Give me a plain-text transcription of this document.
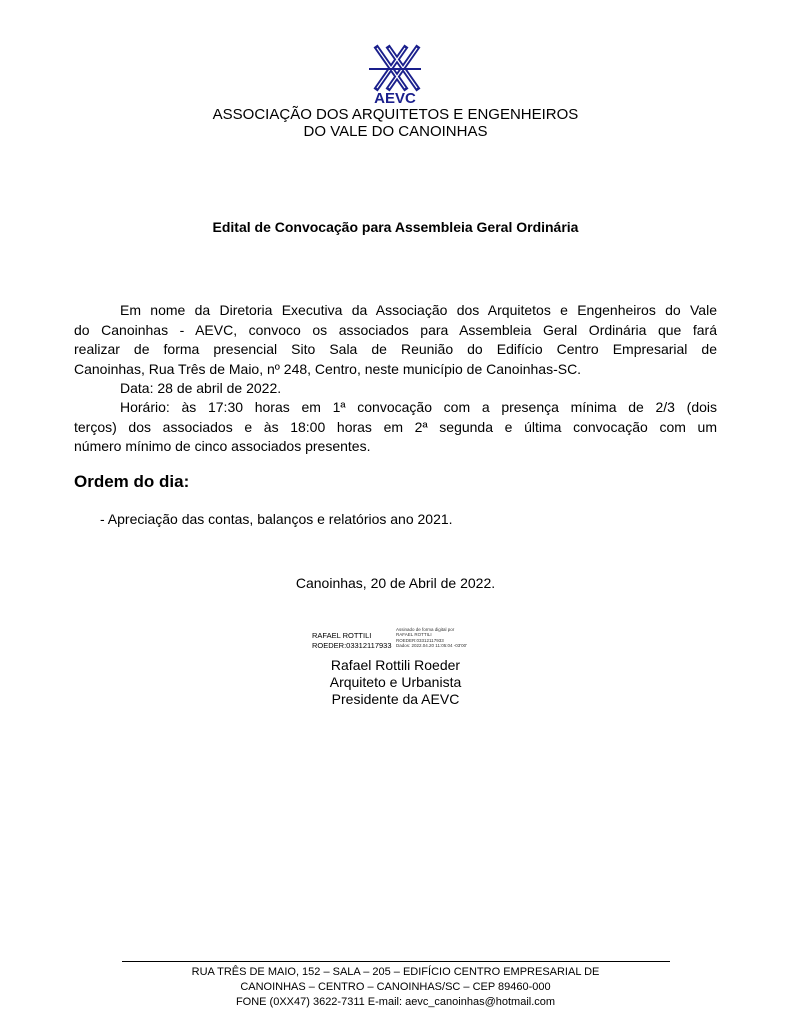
AEVC
ASSOCIAÇÃO DOS ARQUITETOS E ENGENHEIROS
DO VALE DO CANOINHAS
Edital de Convocação para Assembleia Geral Ordinária
Em nome da Diretoria Executiva da Associação dos Arquitetos e Engenheiros do Vale
do Canoinhas - AEVC, convoco os associados para Assembleia Geral Ordinária que fará
realizar de forma presencial Sito Sala de Reunião do Edifício Centro Empresarial de
Canoinhas, Rua Três de Maio, nº 248, Centro, neste município de Canoinhas-SC.
Data: 28 de abril de 2022.
Horário: às 17:30 horas em 1ª convocação com a presença mínima de 2/3 (dois
terços) dos associados e às 18:00 horas em 2ª segunda e última convocação com um
número mínimo de cinco associados presentes.
Ordem do dia:
- Apreciação das contas, balanços e relatórios ano 2021.
Canoinhas, 20 de Abril de 2022.
RAFAEL ROTTILI
ROEDER:03312117933
Assinado de forma digital por
RAFAEL ROTTILI
ROEDER:03312117933
Dados: 2022.04.20 11:05:04 -03'00'
Rafael Rottili Roeder
Arquiteto e Urbanista
Presidente da AEVC
RUA TRÊS DE MAIO, 152 – SALA – 205 – EDIFÍCIO CENTRO EMPRESARIAL DE
CANOINHAS – CENTRO – CANOINHAS/SC – CEP 89460-000
FONE (0XX47) 3622-7311 E-mail: aevc_canoinhas@hotmail.com
